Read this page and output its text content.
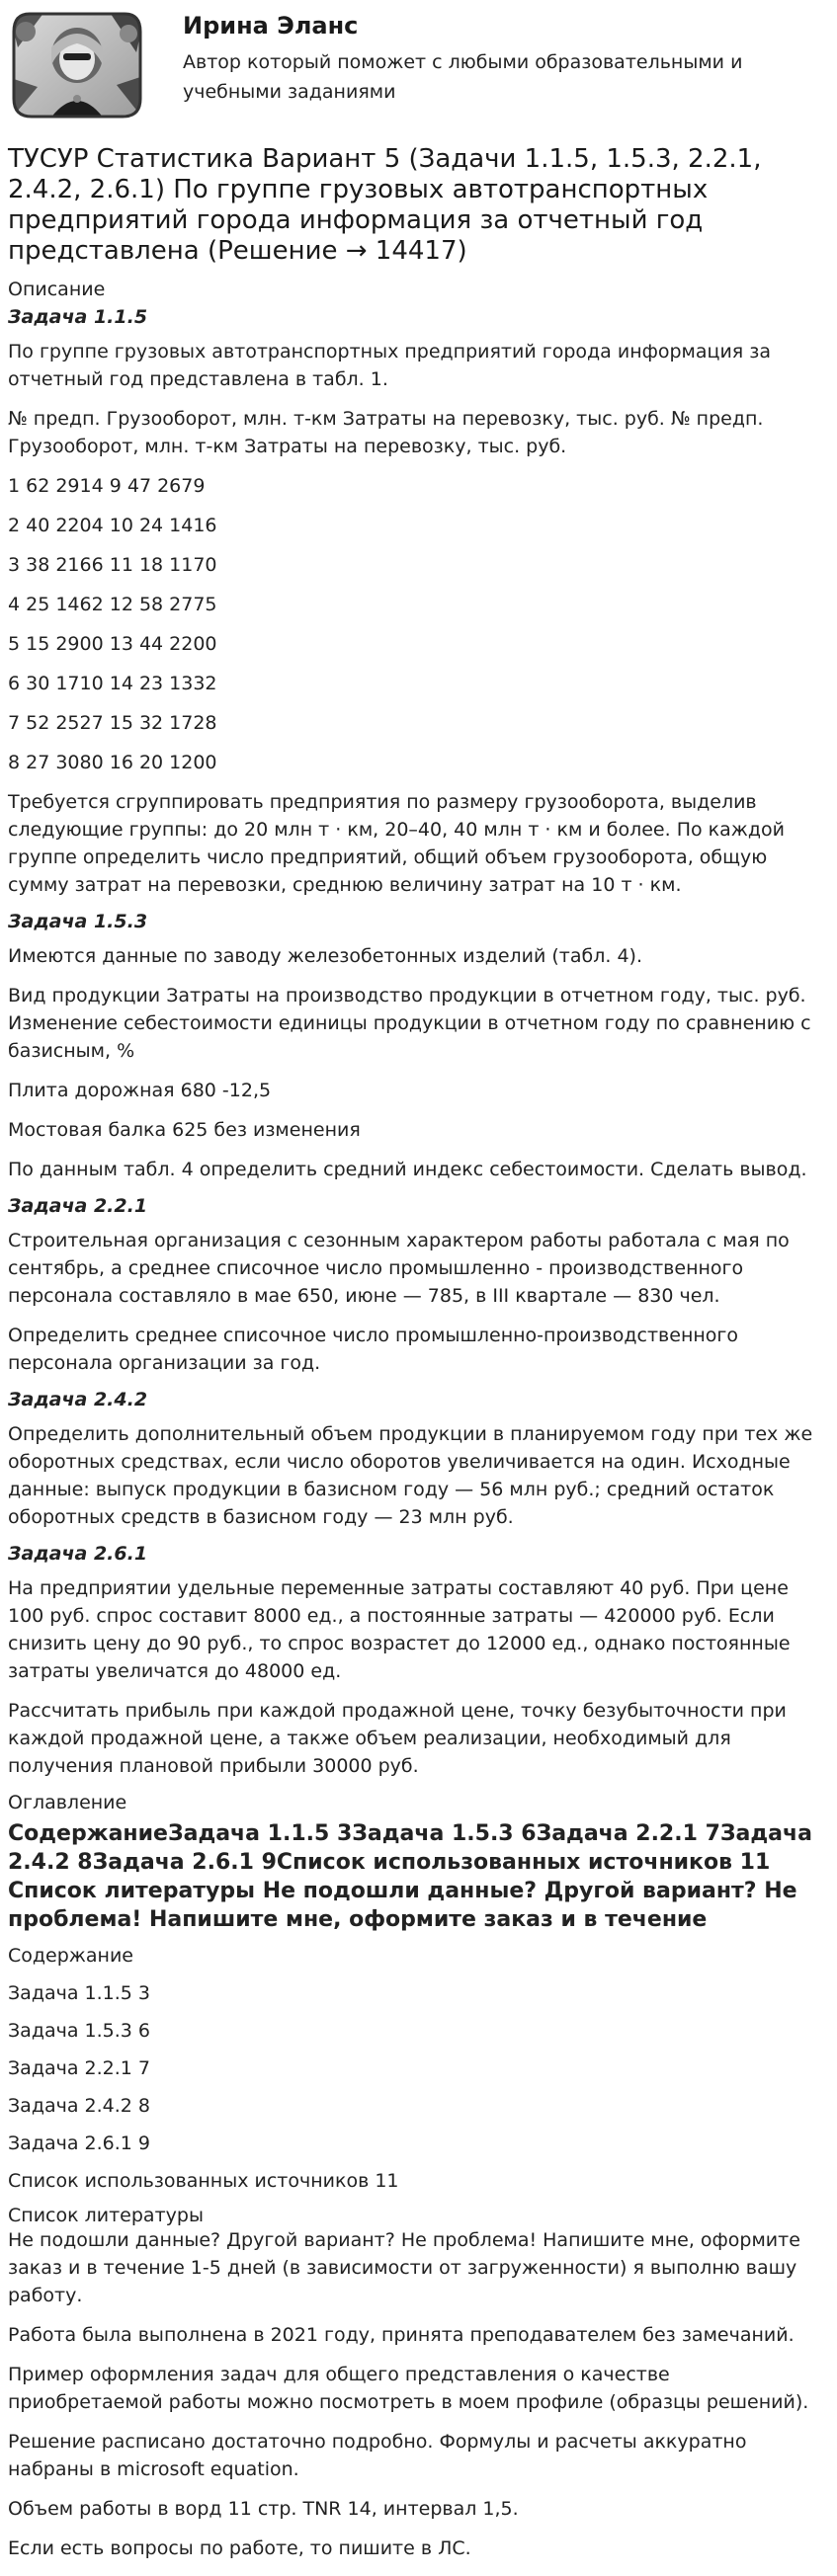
Ирина Эланс
Автор который поможет с любыми образовательными и учебными заданиями
ТУСУР Статистика Вариант 5 (Задачи 1.1.5, 1.5.3, 2.2.1, 2.4.2, 2.6.1) По группе грузовых автотранспортных предприятий города информация за отчетный год представлена (Решение → 14417)
Описание
Задача 1.1.5

По группе грузовых автотранспортных предприятий города информация за отчетный год представлена в табл. 1.

№ предп. Грузооборот, млн. т-км Затраты на перевозку, тыс. руб. № предп. Грузооборот, млн. т-км Затраты на перевозку, тыс. руб.

1 62 2914 9 47 2679

2 40 2204 10 24 1416

3 38 2166 11 18 1170

4 25 1462 12 58 2775

5 15 2900 13 44 2200

6 30 1710 14 23 1332

7 52 2527 15 32 1728

8 27 3080 16 20 1200

Требуется сгруппировать предприятия по размеру грузооборота, выделив следующие группы: до 20 млн т · км, 20–40, 40 млн т · км и более. По каждой группе определить число предприятий, общий объем грузооборота, общую сумму затрат на перевозки, среднюю величину затрат на 10 т · км.

Задача 1.5.3

Имеются данные по заводу железобетонных изделий (табл. 4).

Вид продукции Затраты на производство продукции в отчетном году, тыс. руб. Изменение себестоимости единицы продукции в отчетном году по сравнению с базисным, %

Плита дорожная 680 -12,5

Мостовая балка 625 без изменения

По данным табл. 4 определить средний индекс себестоимости. Сделать вывод.

Задача 2.2.1

Строительная организация с сезонным характером работы работала с мая по сентябрь, а среднее списочное число промышленно - производственного персонала составляло в мае 650, июне — 785, в III квартале — 830 чел.

Определить среднее списочное число промышленно-производственного персонала организации за год.

Задача 2.4.2

Определить дополнительный объем продукции в планируемом году при тех же оборотных средствах, если число оборотов увеличивается на один. Исходные данные: выпуск продукции в базисном году — 56 млн руб.; средний остаток оборотных средств в базисном году — 23 млн руб.

Задача 2.6.1

На предприятии удельные переменные затраты составляют 40 руб. При цене 100 руб. спрос составит 8000 ед., а постоянные затраты — 420000 руб. Если снизить цену до 90 руб., то спрос возрастет до 12000 ед., однако постоянные затраты увеличатся до 48000 ед.

Рассчитать прибыль при каждой продажной цене, точку безубыточности при каждой продажной цене, а также объем реализации, необходимый для получения плановой прибыли 30000 руб.

Оглавление
СодержаниеЗадача 1.1.5 3Задача 1.5.3 6Задача 2.2.1 7Задача 2.4.2 8Задача 2.6.1 9Список использованных источников 11 Список литературы Не подошли данные? Другой вариант? Не проблема! Напишите мне, оформите заказ и в течение

Содержание

Задача 1.1.5 3

Задача 1.5.3 6

Задача 2.2.1 7

Задача 2.4.2 8

Задача 2.6.1 9

Список использованных источников 11

Список литературы

Не подошли данные? Другой вариант? Не проблема! Напишите мне, оформите заказ и в течение 1-5 дней (в зависимости от загруженности) я выполню вашу работу.

Работа была выполнена в 2021 году, принята преподавателем без замечаний.

Пример оформления задач для общего представления о качестве приобретаемой работы можно посмотреть в моем профиле (образцы решений).

Решение расписано достаточно подробно. Формулы и расчеты аккуратно набраны в microsoft equation.

Объем работы в ворд 11 стр. TNR 14, интервал 1,5.

Если есть вопросы по работе, то пишите в ЛС.
